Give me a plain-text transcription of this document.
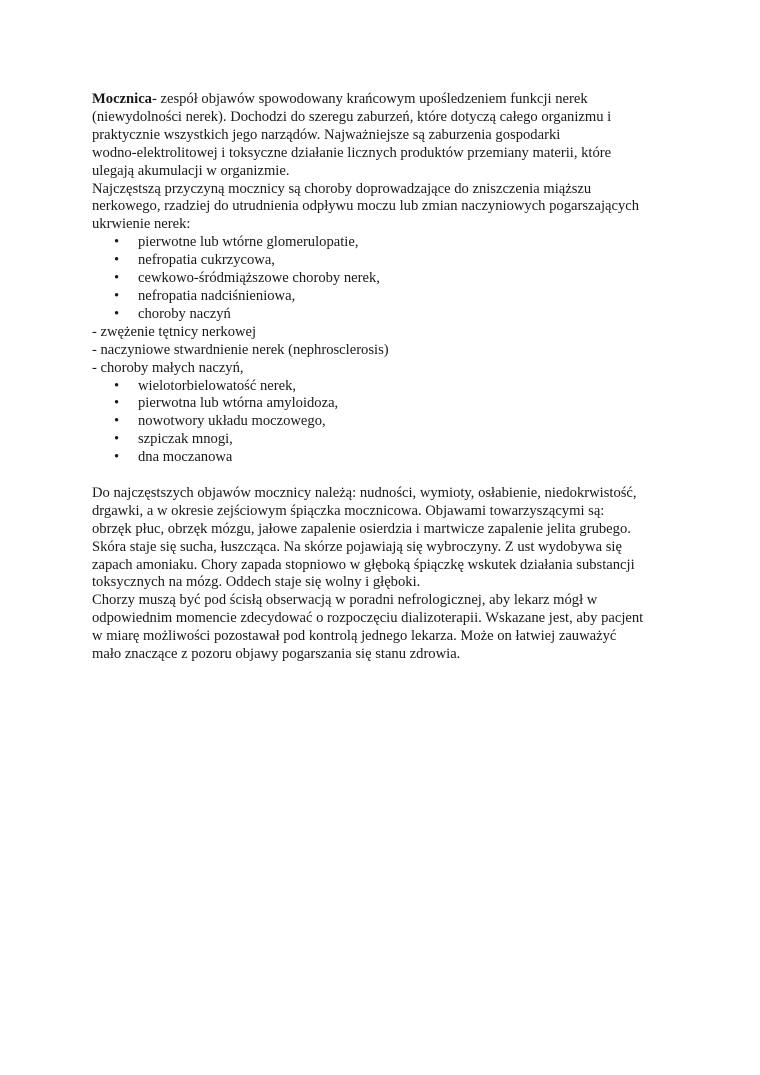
Mocznica- zespół objawów spowodowany krańcowym upośledzeniem funkcji nerek
(niewydolności nerek). Dochodzi do szeregu zaburzeń, które dotyczą całego organizmu i
praktycznie wszystkich jego narządów. Najważniejsze są zaburzenia gospodarki
wodno-elektrolitowej i toksyczne działanie licznych produktów przemiany materii, które
ulegają akumulacji w organizmie.

Najczęstszą przyczyną mocznicy są choroby doprowadzające do zniszczenia miąższu
nerkowego, rzadziej do utrudnienia odpływu moczu lub zmian naczyniowych pogarszających
ukrwienie nerek:

• pierwotne lub wtórne glomerulopatie,
• nefropatia cukrzycowa,
• cewkowo-śródmiąższowe choroby nerek,
• nefropatia nadciśnieniowa,
• choroby naczyń
- zwężenie tętnicy nerkowej
- naczyniowe stwardnienie nerek (nephrosclerosis)
- choroby małych naczyń,
• wielotorbielowatość nerek,
• pierwotna lub wtórna amyloidoza,
• nowotwory układu moczowego,
• szpiczak mnogi,
• dna moczanowa

Do najczęstszych objawów mocznicy należą: nudności, wymioty, osłabienie, niedokrwistość,
drgawki, a w okresie zejściowym śpiączka mocznicowa. Objawami towarzyszącymi są:
obrzęk płuc, obrzęk mózgu, jałowe zapalenie osierdzia i martwicze zapalenie jelita grubego.
Skóra staje się sucha, łuszcząca. Na skórze pojawiają się wybroczyny. Z ust wydobywa się
zapach amoniaku. Chory zapada stopniowo w głęboką śpiączkę wskutek działania substancji
toksycznych na mózg. Oddech staje się wolny i głęboki.

Chorzy muszą być pod ścisłą obserwacją w poradni nefrologicznej, aby lekarz mógł w
odpowiednim momencie zdecydować o rozpoczęciu dializoterapii. Wskazane jest, aby pacjent
w miarę możliwości pozostawał pod kontrolą jednego lekarza. Może on łatwiej zauważyć
mało znaczące z pozoru objawy pogarszania się stanu zdrowia.
